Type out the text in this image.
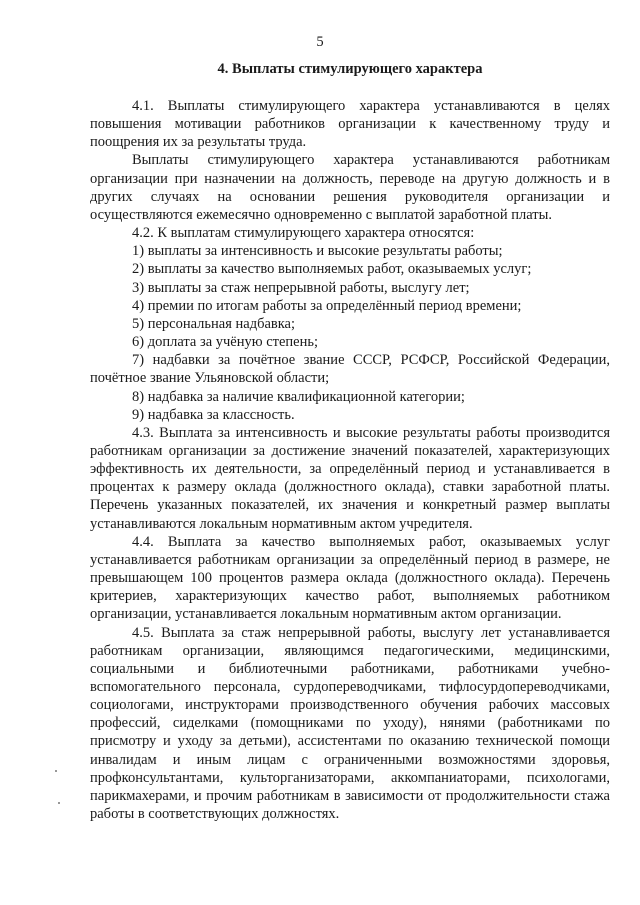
5
4. Выплаты стимулирующего характера

4.1. Выплаты стимулирующего характера устанавливаются в целях повышения мотивации работников организации к качественному труду и поощрения их за результаты труда.

Выплаты стимулирующего характера устанавливаются работникам организации при назначении на должность, переводе на другую должность и в других случаях на основании решения руководителя организации и осуществляются ежемесячно одновременно с выплатой заработной платы.

4.2. К выплатам стимулирующего характера относятся:

1) выплаты за интенсивность и высокие результаты работы;

2) выплаты за качество выполняемых работ, оказываемых услуг;

3) выплаты за стаж непрерывной работы, выслугу лет;

4) премии по итогам работы за определённый период времени;

5) персональная надбавка;

6) доплата за учёную степень;

7) надбавки за почётное звание СССР, РСФСР, Российской Федерации, почётное звание Ульяновской области;

8) надбавка за наличие квалификационной категории;

9) надбавка за классность.

4.3. Выплата за интенсивность и высокие результаты работы производится работникам организации за достижение значений показателей, характеризующих эффективность их деятельности, за определённый период и устанавливается в процентах к размеру оклада (должностного оклада), ставки заработной платы. Перечень указанных показателей, их значения и конкретный размер выплаты устанавливаются локальным нормативным актом учредителя.

4.4. Выплата за качество выполняемых работ, оказываемых услуг устанавливается работникам организации за определённый период в размере, не превышающем 100 процентов размера оклада (должностного оклада). Перечень критериев, характеризующих качество работ, выполняемых работником организации, устанавливается локальным нормативным актом организации.

4.5. Выплата за стаж непрерывной работы, выслугу лет устанавливается работникам организации, являющимся педагогическими, медицинскими, социальными и библиотечными работниками, работниками учебно-вспомогательного персонала, сурдопереводчиками, тифлосурдопереводчиками, социологами, инструкторами производственного обучения рабочих массовых профессий, сиделками (помощниками по уходу), нянями (работниками по присмотру и уходу за детьми), ассистентами по оказанию технической помощи инвалидам и иным лицам с ограниченными возможностями здоровья, профконсультантами, культорганизаторами, аккомпаниаторами, психологами, парикмахерами, и прочим работникам в зависимости от продолжительности стажа работы в соответствующих должностях.
